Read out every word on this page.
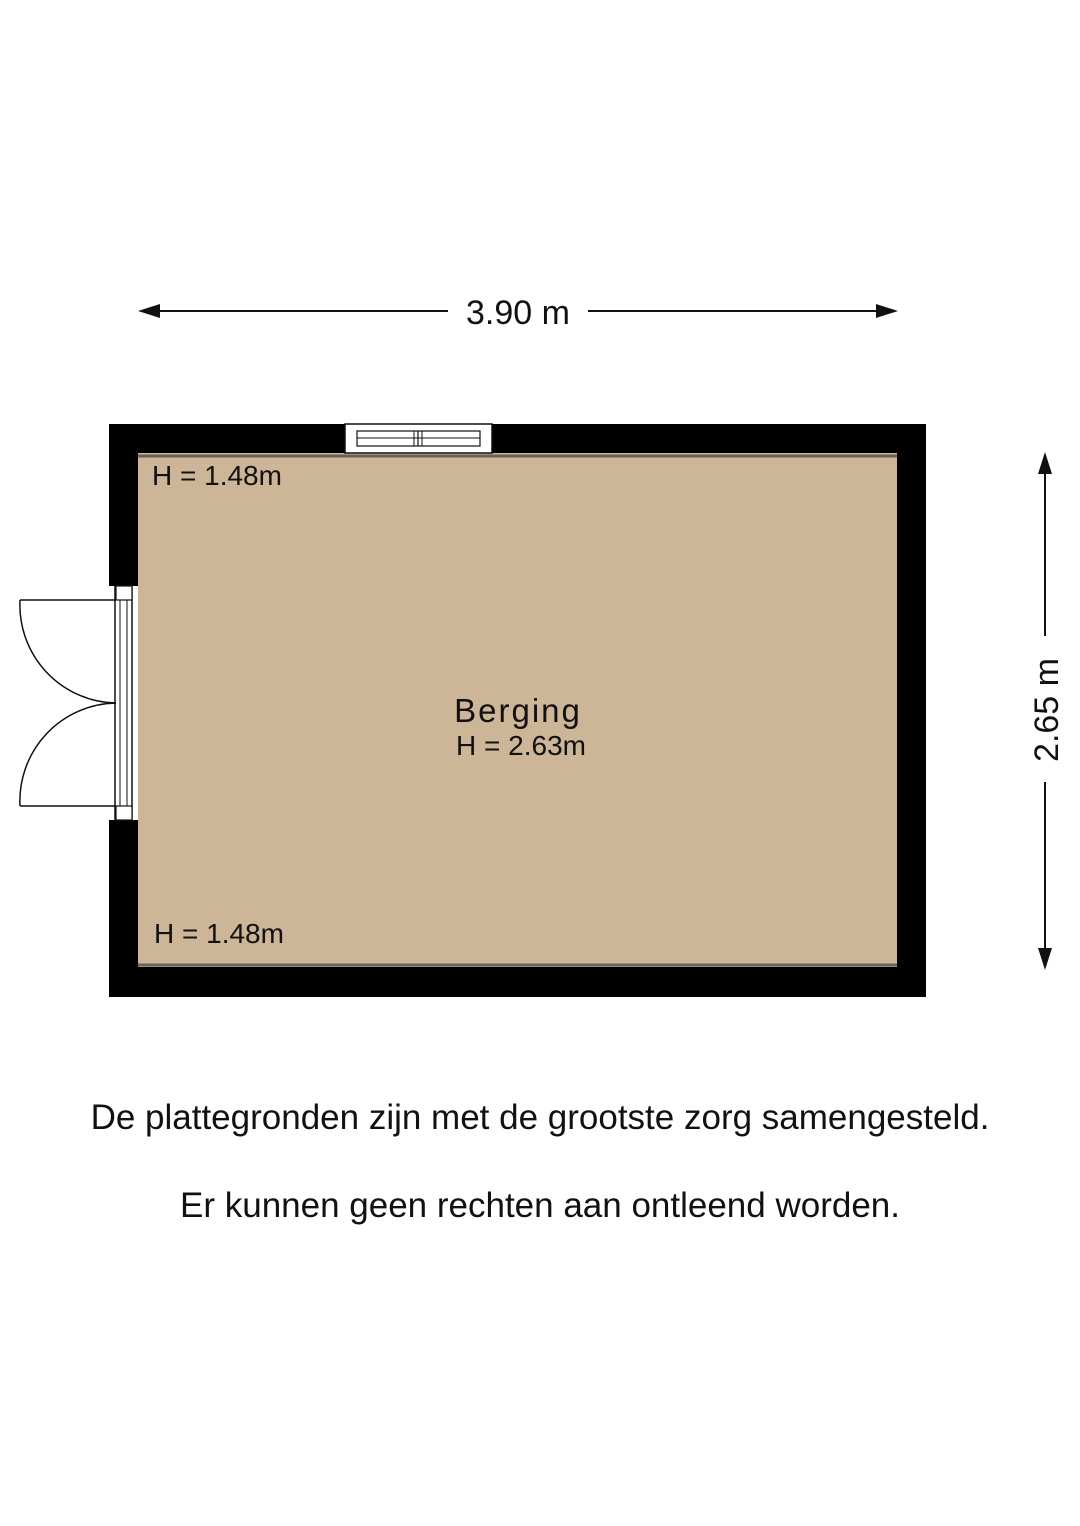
3.90 m
2.65 m
H = 1.48m
H = 1.48m
Berging
H = 2.63m
De plattegronden zijn met de grootste zorg samengesteld.
Er kunnen geen rechten aan ontleend worden.
